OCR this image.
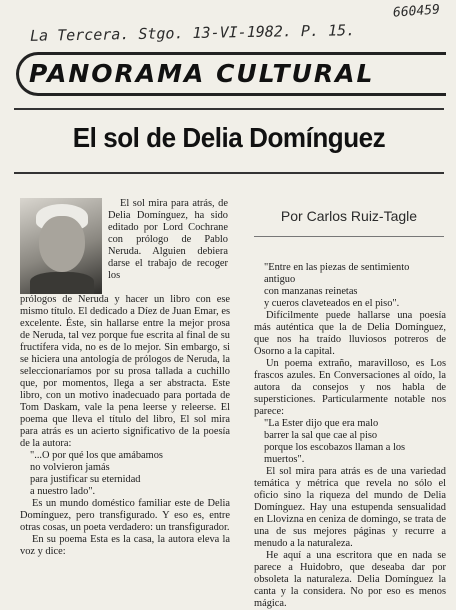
La Tercera. Stgo. 13-VI-1982. P. 15.
660459
PANORAMA CULTURAL
El sol de Delia Domínguez

El sol mira para atrás, de Delia Domínguez, ha sido editado por Lord Cochrane con prólogo de Pablo Neruda. Alguien debiera darse el trabajo de recoger los

prólogos de Neruda y hacer un libro con ese mismo título. El dedicado a Díez de Juan Emar, es excelente. Éste, sin hallarse entre la mejor prosa de Neruda, tal vez porque fue escrita al final de su fructífera vida, no es de lo mejor. Sin embargo, si se hiciera una antología de prólogos de Neruda, la seleccionaríamos por su prosa tallada a cuchillo que, por momentos, llega a ser abstracta. Este libro, con un motivo inadecuado para portada de Tom Daskam, vale la pena leerse y releerse. El poema que lleva el título del libro, El sol mira para atrás es un acierto significativo de la poesía de la autora:

"...O por qué los que amábamos
no volvieron jamás
para justificar su eternidad
a nuestro lado".

Es un mundo doméstico familiar este de Delia Domínguez, pero transfigurado. Y eso es, entre otras cosas, un poeta verdadero: un transfigurador.

En su poema Esta es la casa, la autora eleva la voz y dice:

Por Carlos Ruiz-Tagle
"Entre en las piezas de sentimiento
antiguo
con manzanas reinetas
y cueros claveteados en el piso".

Difícilmente puede hallarse una poesía más auténtica que la de Delia Domínguez, que nos ha traído lluviosos potreros de Osorno a la capital.

Un poema extraño, maravilloso, es Los frascos azules. En Conversaciones al oído, la autora da consejos y nos habla de supersticiones. Particularmente notable nos parece:

"La Ester dijo que era malo
barrer la sal que cae al piso
porque los escobazos llaman a los
muertos".

El sol mira para atrás es de una variedad temática y métrica que revela no sólo el oficio sino la riqueza del mundo de Delia Domínguez. Hay una estupenda sensualidad en Llovizna en ceniza de domingo, se trata de una de sus mejores páginas y recurre a menudo a la naturaleza.

He aquí a una escritora que en nada se parece a Huidobro, que deseaba dar por obsoleta la naturaleza. Delia Domínguez la canta y la considera. No por eso es menos mágica.
